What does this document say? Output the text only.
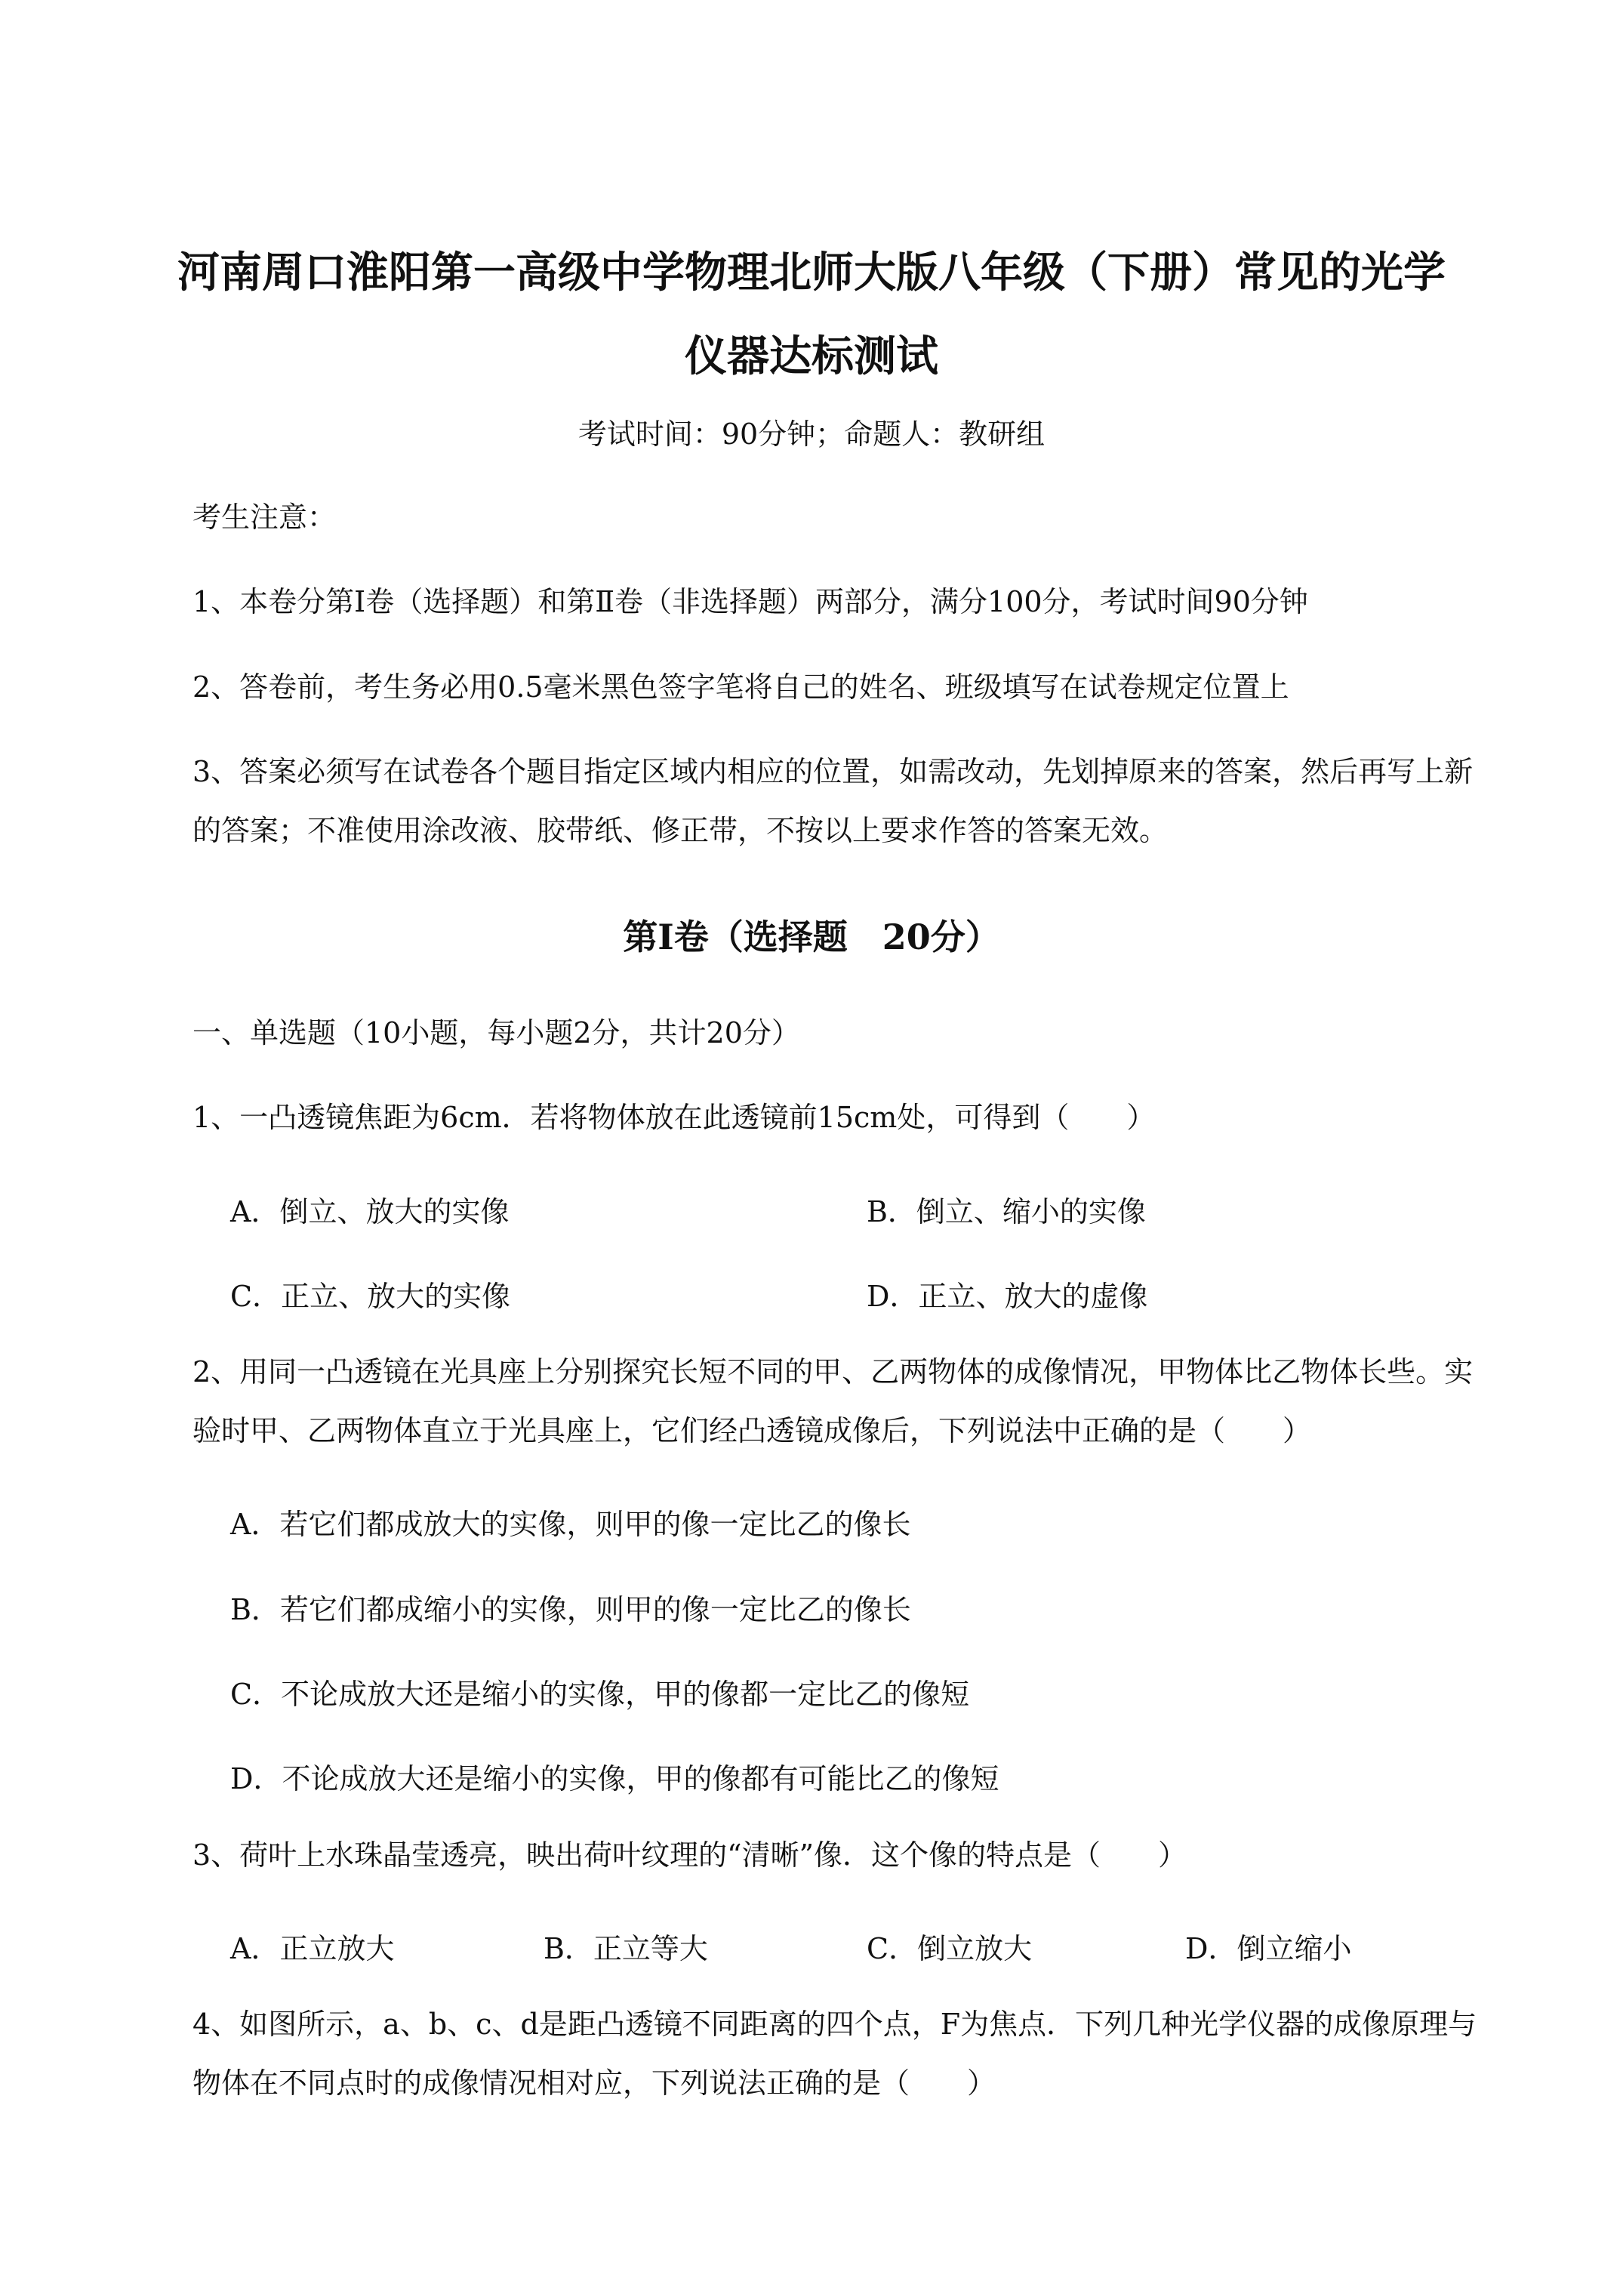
河南周口淮阳第一高级中学物理北师大版八年级（下册）常见的光学
仪器达标测试
考试时间：90分钟；命题人：教研组
考生注意：
1、本卷分第Ⅰ卷（选择题）和第Ⅱ卷（非选择题）两部分，满分100分，考试时间90分钟
2、答卷前，考生务必用0.5毫米黑色签字笔将自己的姓名、班级填写在试卷规定位置上
3、答案必须写在试卷各个题目指定区域内相应的位置，如需改动，先划掉原来的答案，然后再写上新
的答案；不准使用涂改液、胶带纸、修正带，不按以上要求作答的答案无效。
第Ⅰ卷（选择题　20分）
一、单选题（10小题，每小题2分，共计20分）
1、一凸透镜焦距为6cm．若将物体放在此透镜前15cm处，可得到（　　）
A．倒立、放大的实像	B．倒立、缩小的实像
C．正立、放大的实像	D．正立、放大的虚像
2、用同一凸透镜在光具座上分别探究长短不同的甲、乙两物体的成像情况，甲物体比乙物体长些。实
验时甲、乙两物体直立于光具座上，它们经凸透镜成像后，下列说法中正确的是（　　）
A．若它们都成放大的实像，则甲的像一定比乙的像长
B．若它们都成缩小的实像，则甲的像一定比乙的像长
C．不论成放大还是缩小的实像，甲的像都一定比乙的像短
D．不论成放大还是缩小的实像，甲的像都有可能比乙的像短
3、荷叶上水珠晶莹透亮，映出荷叶纹理的“清晰”像．这个像的特点是（　　）
A．正立放大	B．正立等大	C．倒立放大	D．倒立缩小
4、如图所示，a、b、c、d是距凸透镜不同距离的四个点，F为焦点．下列几种光学仪器的成像原理与
物体在不同点时的成像情况相对应，下列说法正确的是（　　）
